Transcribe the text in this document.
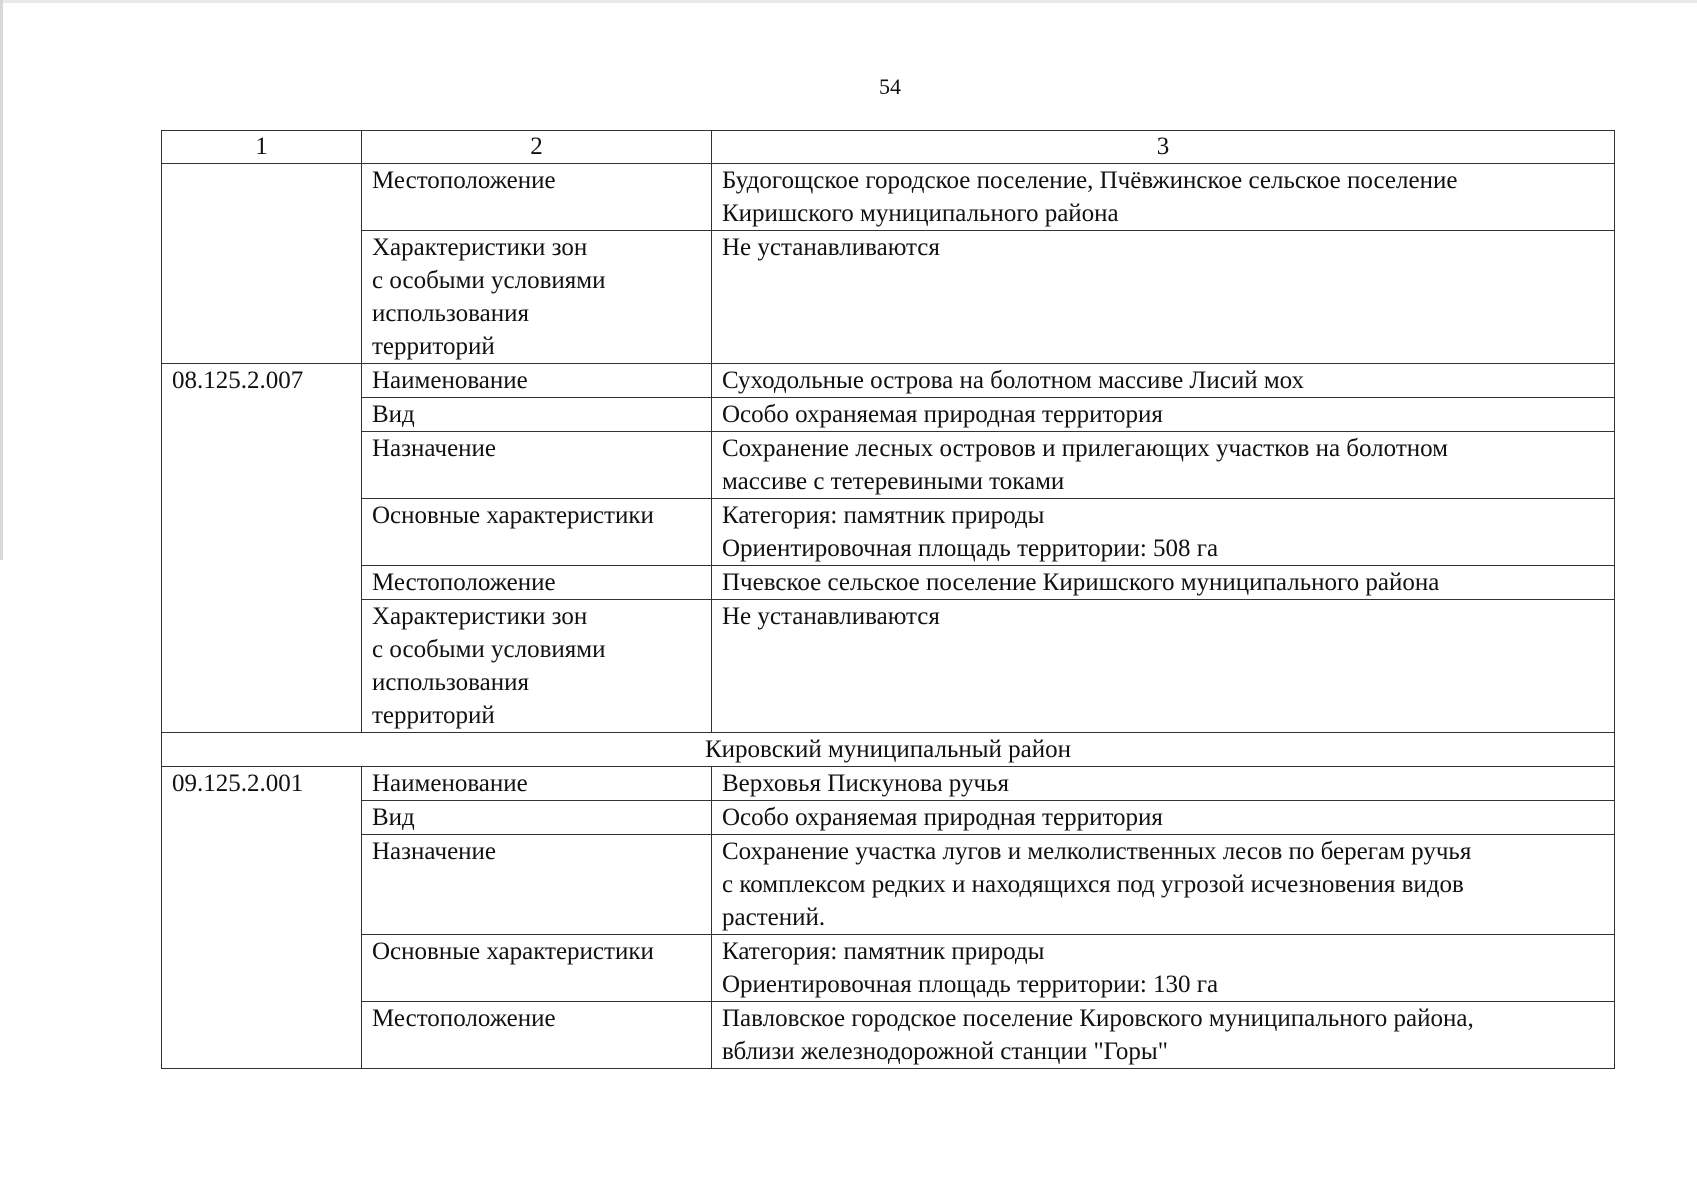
54
1	2	3

	Местоположение	Будогощское городское поселение, Пчёвжинское сельское поселение
Киришского муниципального района

	Характеристики зон
с особыми условиями
использования
территорий	Не устанавливаются

08.125.2.007	Наименование	Суходольные острова на болотном массиве Лисий мох

	Вид	Особо охраняемая природная территория

	Назначение	Сохранение лесных островов и прилегающих участков на болотном
массиве с тетеревиными токами

	Основные характеристики	Категория: памятник природы
Ориентировочная площадь территории: 508 га

	Местоположение	Пчевское сельское поселение Киришского муниципального района

	Характеристики зон
с особыми условиями
использования
территорий	Не устанавливаются

Кировский муниципальный район		
09.125.2.001	Наименование	Верховья Пискунова ручья

	Вид	Особо охраняемая природная территория

	Назначение	Сохранение участка лугов и мелколиственных лесов по берегам ручья
с комплексом редких и находящихся под угрозой исчезновения видов
растений.

	Основные характеристики	Категория: памятник природы
Ориентировочная площадь территории: 130 га

	Местоположение	Павловское городское поселение Кировского муниципального района,
вблизи железнодорожной станции "Горы"
